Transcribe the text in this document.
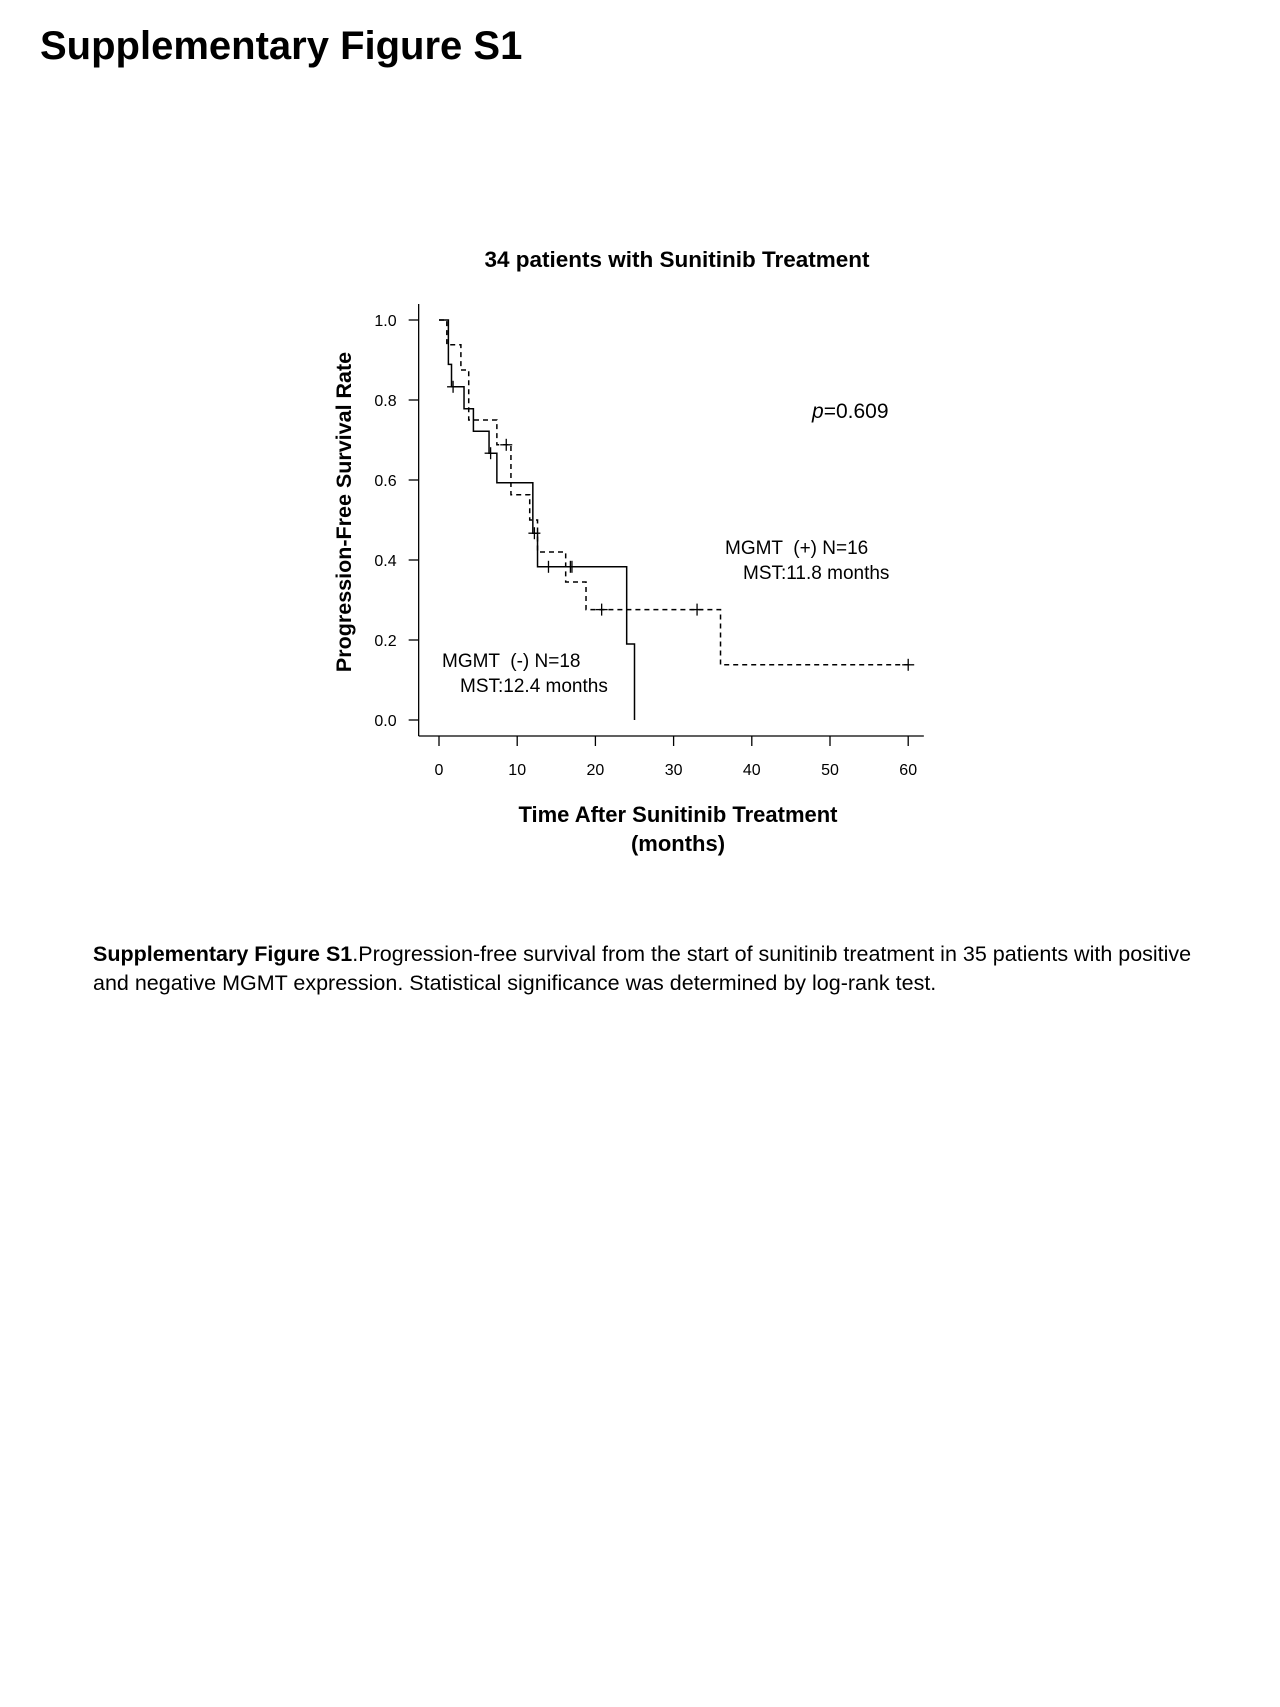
Supplementary Figure S1
34 patients with Sunitinib Treatment
0.0
0.2
0.4
0.6
0.8
1.0
0	10	20	30	40	50	60
Progression-Free Survival Rate
Time After Sunitinib Treatment
(months)
p=0.609
MGMT  (+) N=16
MST:11.8 months
MGMT  (-) N=18
MST:12.4 months

Supplementary Figure S1.Progression-free survival from the start of sunitinib treatment in 35 patients with positive and negative MGMT expression. Statistical significance was determined by log-rank test.
